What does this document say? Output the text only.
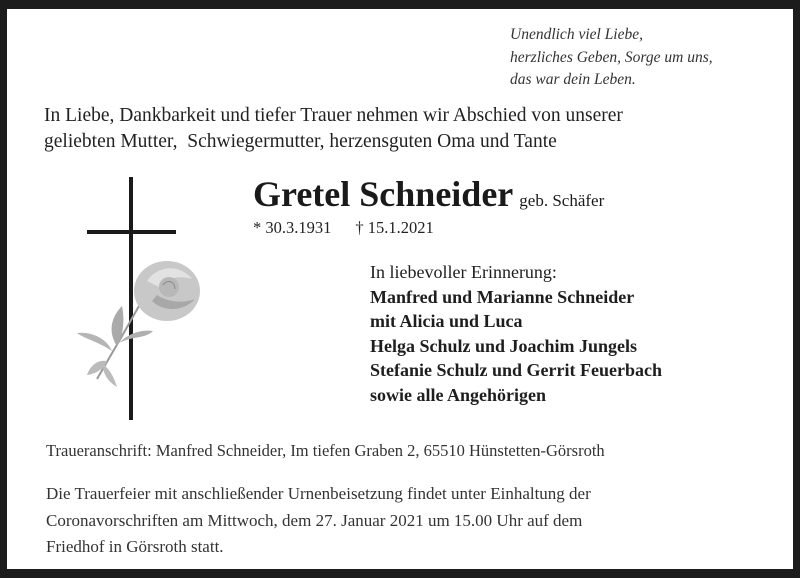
Unendlich viel Liebe,
herzliches Geben, Sorge um uns,
das war dein Leben.
In Liebe, Dankbarkeit und tiefer Trauer nehmen wir Abschied von unserer
geliebten Mutter,  Schwiegermutter, herzensguten Oma und Tante
Gretel Schneider geb. Schäfer
* 30.3.1931 † 15.1.2021
In liebevoller Erinnerung:
Manfred und Marianne Schneider
mit Alicia und Luca
Helga Schulz und Joachim Jungels
Stefanie Schulz und Gerrit Feuerbach
sowie alle Angehörigen
Traueranschrift: Manfred Schneider, Im tiefen Graben 2, 65510 Hünstetten-Görsroth
Die Trauerfeier mit anschließender Urnenbeisetzung findet unter Einhaltung der
Coronavorschriften am Mittwoch, dem 27. Januar 2021 um 15.00 Uhr auf dem
Friedhof in Görsroth statt.
